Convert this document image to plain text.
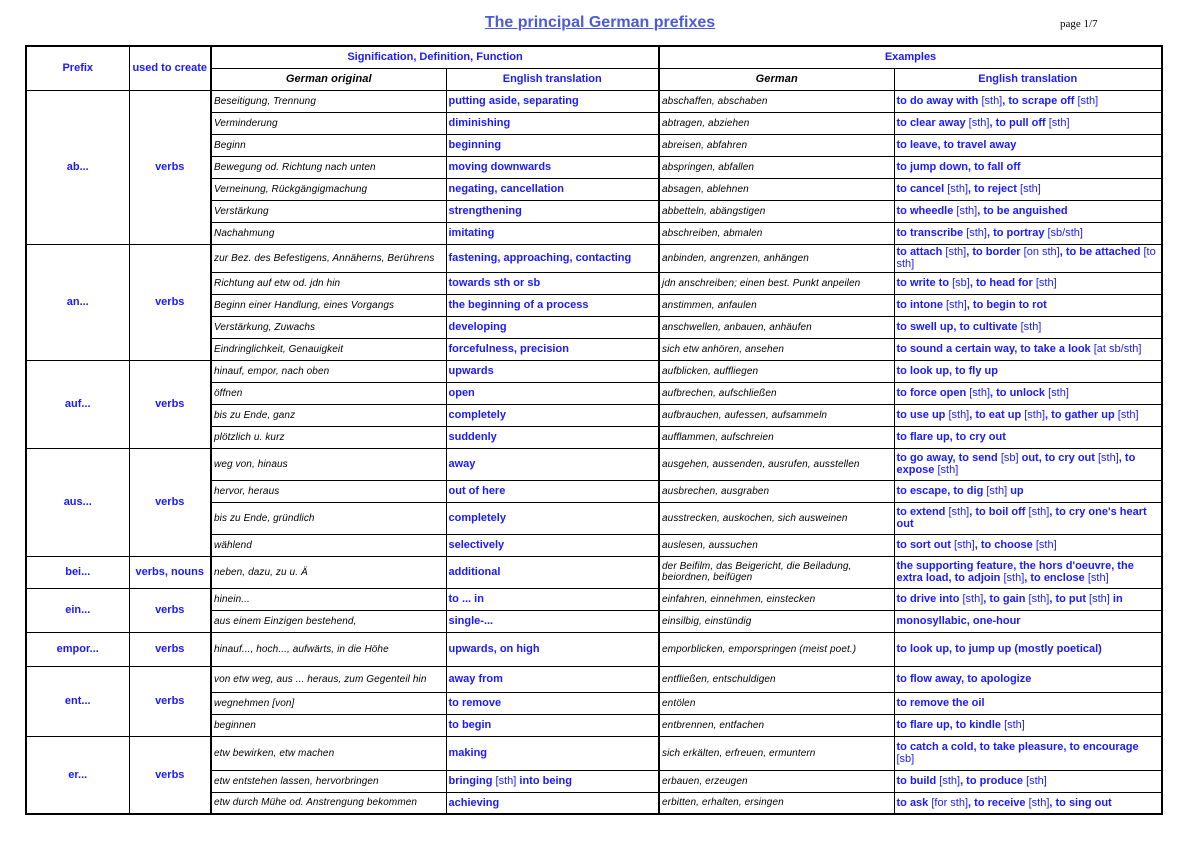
The principal German prefixes	page 1/7
Prefix	used to create	Signification, Definition, Function		Examples	
		German original	English translation	German	English translation
ab...	verbs	Beseitigung, Trennung	putting aside, separating	abschaffen, abschaben	to do away with [sth], to scrape off [sth]
		Verminderung	diminishing	abtragen, abziehen	to clear away [sth], to pull off [sth]
		Beginn	beginning	abreisen, abfahren	to leave, to travel away
		Bewegung od. Richtung nach unten	moving downwards	abspringen, abfallen	to jump down, to fall off
		Verneinung, Rückgängigmachung	negating, cancellation	absagen, ablehnen	to cancel [sth], to reject [sth]
		Verstärkung	strengthening	abbetteln, abängstigen	to wheedle [sth], to be anguished
		Nachahmung	imitating	abschreiben, abmalen	to transcribe [sth], to portray [sb/sth]
an...	verbs	zur Bez. des Befestigens, Annäherns, Berührens	fastening, approaching, contacting	anbinden, angrenzen, anhängen	to attach [sth], to border [on sth], to be attached [to sth]
		Richtung auf etw od. jdn hin	towards sth or sb	jdn anschreiben; einen best. Punkt anpeilen	to write to [sb], to head for [sth]
		Beginn einer Handlung, eines Vorgangs	the beginning of a process	anstimmen, anfaulen	to intone [sth], to begin to rot
		Verstärkung, Zuwachs	developing	anschwellen, anbauen, anhäufen	to swell up, to cultivate [sth]
		Eindringlichkeit, Genauigkeit	forcefulness, precision	sich etw anhören, ansehen	to sound a certain way, to take a look [at sb/sth]
auf...	verbs	hinauf, empor, nach oben	upwards	aufblicken, auffliegen	to look up, to fly up
		öffnen	open	aufbrechen, aufschließen	to force open [sth], to unlock [sth]
		bis zu Ende, ganz	completely	aufbrauchen, aufessen, aufsammeln	to use up [sth], to eat up [sth], to gather up [sth]
		plötzlich u. kurz	suddenly	aufflammen, aufschreien	to flare up, to cry out
aus...	verbs	weg von, hinaus	away	ausgehen, aussenden, ausrufen, ausstellen	to go away, to send [sb] out, to cry out [sth], to expose [sth]
		hervor, heraus	out of here	ausbrechen, ausgraben	to escape, to dig [sth] up
		bis zu Ende, gründlich	completely	ausstrecken, auskochen, sich ausweinen	to extend [sth], to boil off [sth], to cry one's heart out
		wählend	selectively	auslesen, aussuchen	to sort out [sth], to choose [sth]
bei...	verbs, nouns	neben, dazu, zu u. Ä	additional	der Beifilm, das Beigericht, die Beiladung, beiordnen, beifügen	the supporting feature, the hors d'oeuvre, the extra load, to adjoin [sth], to enclose [sth]
ein...	verbs	hinein...	to ... in	einfahren, einnehmen, einstecken	to drive into [sth], to gain [sth], to put [sth] in
		aus einem Einzigen bestehend,	single-...	einsilbig, einstündig	monosyllabic, one-hour
empor...	verbs	hinauf..., hoch..., aufwärts, in die Höhe	upwards, on high	emporblicken, emporspringen (meist poet.)	to look up, to jump up (mostly poetical)
ent...	verbs	von etw weg, aus ... heraus, zum Gegenteil hin	away from	entfließen, entschuldigen	to flow away, to apologize
		wegnehmen [von]	to remove	entölen	to remove the oil
		beginnen	to begin	entbrennen, entfachen	to flare up, to kindle [sth]
er...	verbs	etw bewirken, etw machen	making	sich erkälten, erfreuen, ermuntern	to catch a cold, to take pleasure, to encourage [sb]
		etw entstehen lassen, hervorbringen	bringing [sth] into being	erbauen, erzeugen	to build [sth], to produce [sth]
		etw durch Mühe od. Anstrengung bekommen	achieving	erbitten, erhalten, ersingen	to ask [for sth], to receive [sth], to sing out
